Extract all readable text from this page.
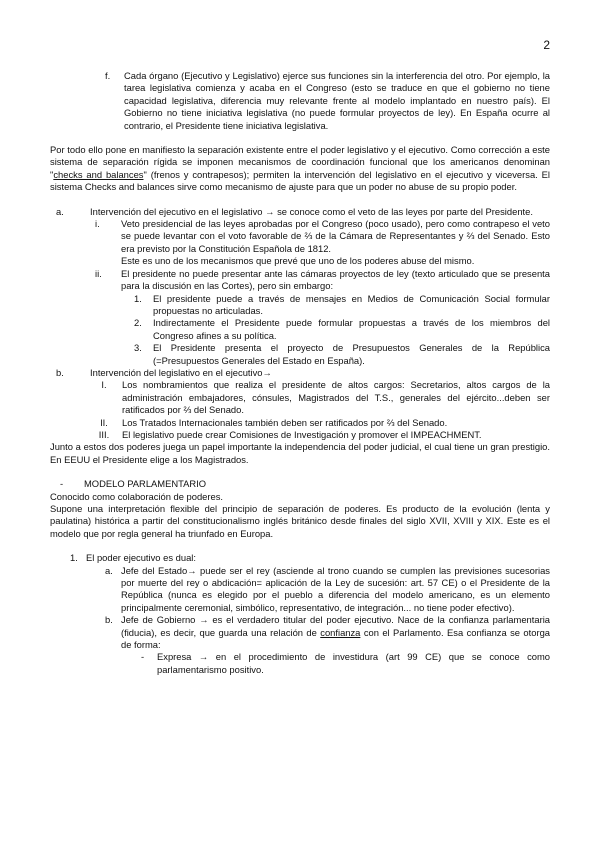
2
f.	Cada órgano (Ejecutivo y Legislativo) ejerce sus funciones sin la interferencia del otro. Por ejemplo, la tarea legislativa comienza y acaba en el Congreso (esto se traduce en que el gobierno no tiene capacidad legislativa, diferencia muy relevante frente al modelo implantado en nuestro país). El Gobierno no tiene iniciativa legislativa (no puede formular proyectos de ley). En España ocurre al contrario, el Presidente tiene iniciativa legislativa.

Por todo ello pone en manifiesto la separación existente entre el poder legislativo y el ejecutivo. Como corrección a este sistema de separación rígida se imponen mecanismos de coordinación funcional que los americanos denominan "checks and balances" (frenos y contrapesos); permiten la intervención del legislativo en el ejecutivo y viceversa. El sistema Checks and balances sirve como mecanismo de ajuste para que un poder no abuse de su propio poder.

a.	Intervención del ejecutivo en el legislativo → se conoce como el veto de las leyes por parte del Presidente.
i.	Veto presidencial de las leyes aprobadas por el Congreso (poco usado), pero como contrapeso el veto se puede levantar con el voto favorable de ⅔ de la Cámara de Representantes y ⅔ del Senado. Esto era previsto por la Constitución Española de 1812.
Este es uno de los mecanismos que prevé que uno de los poderes abuse del mismo.
ii.	El presidente no puede presentar ante las cámaras proyectos de ley (texto articulado que se presenta para la discusión en las Cortes), pero sin embargo:
1.	El presidente puede a través de mensajes en Medios de Comunicación Social formular propuestas no articuladas.
2.	Indirectamente el Presidente puede formular propuestas a través de los miembros del Congreso afines a su política.
3.	El Presidente presenta el proyecto de Presupuestos Generales de la República (=Presupuestos Generales del Estado en España).
b.	Intervención del legislativo en el ejecutivo→
I.	Los nombramientos que realiza el presidente de altos cargos: Secretarios, altos cargos de la administración embajadores, cónsules, Magistrados del T.S., generales del ejército...deben ser ratificados por ⅔ del Senado.
II.	Los Tratados Internacionales también deben ser ratificados por ⅔ del Senado.
III.	El legislativo puede crear Comisiones de Investigación y promover el IMPEACHMENT.

Junto a estos dos poderes juega un papel importante la independencia del poder judicial, el cual tiene un gran prestigio. En EEUU el Presidente elige a los Magistrados.

-	MODELO PARLAMENTARIO

Conocido como colaboración de poderes.

Supone una interpretación flexible del principio de separación de poderes. Es producto de la evolución (lenta y paulatina) histórica a partir del constitucionalismo inglés británico desde finales del siglo XVII, XVIII y XIX. Este es el modelo que por regla general ha triunfado en Europa.

1. El poder ejecutivo es dual:
a. Jefe del Estado→ puede ser el rey (asciende al trono cuando se cumplen las previsiones sucesorias por muerte del rey o abdicación= aplicación de la Ley de sucesión: art. 57 CE) o el Presidente de la República (nunca es elegido por el pueblo a diferencia del modelo americano, es un elemento principalmente ceremonial, simbólico, representativo, de integración... no tiene poder efectivo).
b. Jefe de Gobierno → es el verdadero titular del poder ejecutivo. Nace de la confianza parlamentaria (fiducia), es decir, que guarda una relación de confianza con el Parlamento. Esa confianza se otorga de forma:
-	Expresa → en el procedimiento de investidura (art 99 CE) que se conoce como parlamentarismo positivo.
